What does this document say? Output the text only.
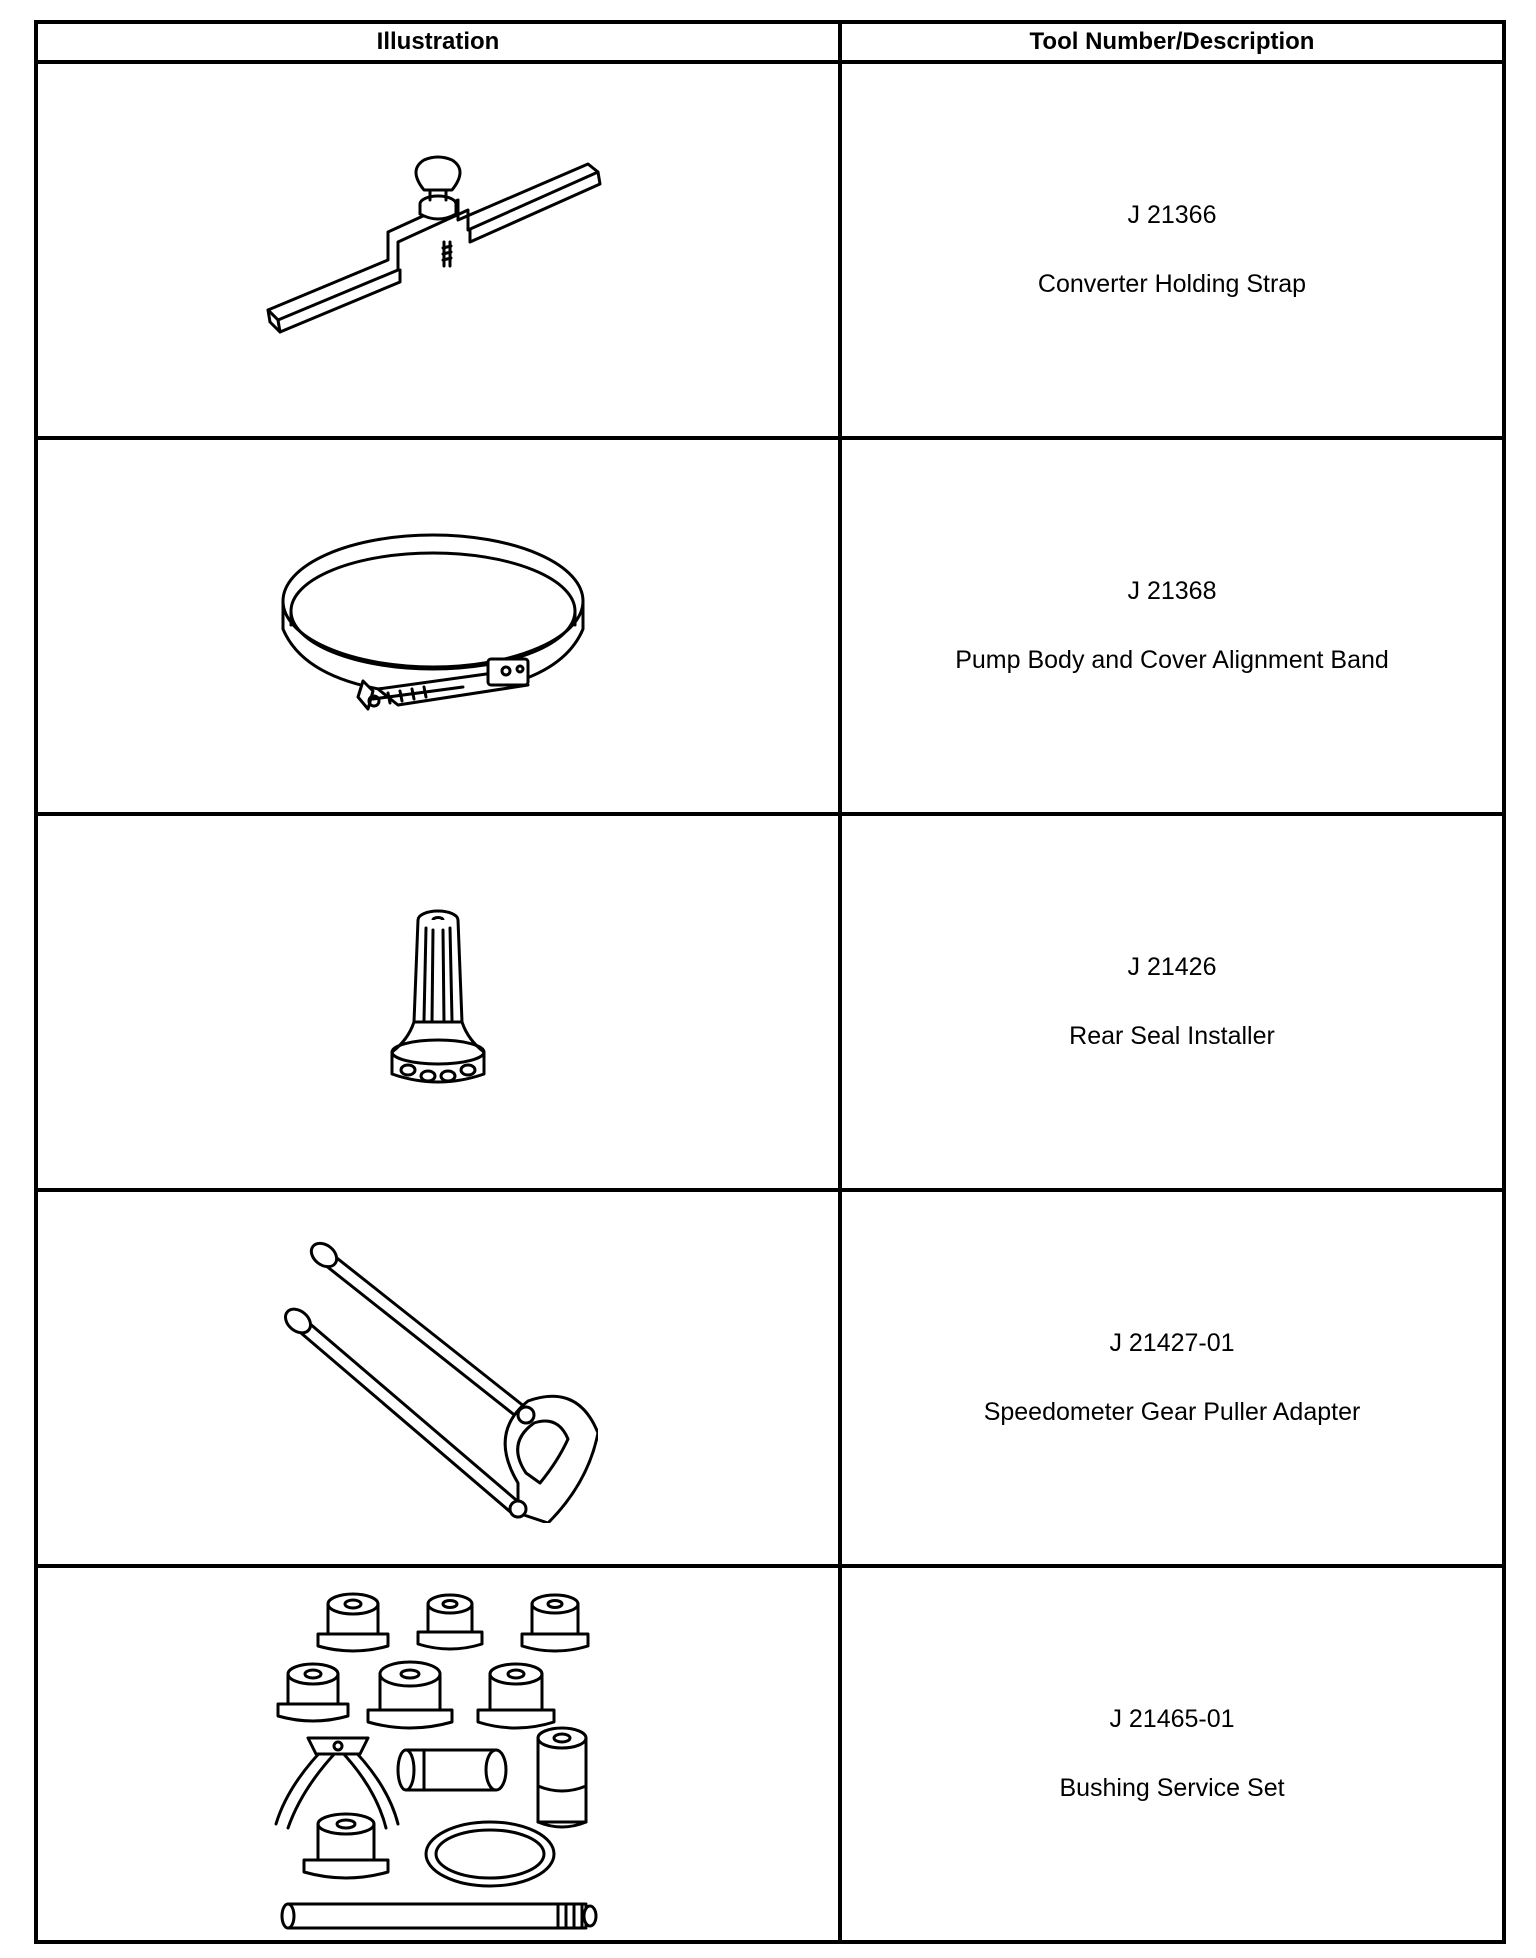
Illustration	Tool Number/Description

J 21366
Converter Holding Strap

J 21368
Pump Body and Cover Alignment Band

J 21426
Rear Seal Installer

J 21427-01
Speedometer Gear Puller Adapter

J 21465-01
Bushing Service Set
